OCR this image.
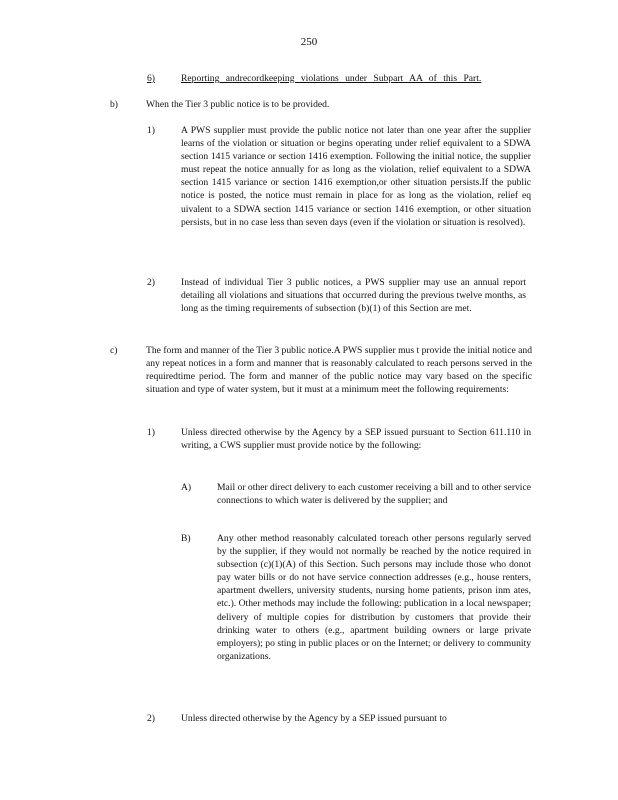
250
6)	Reporting andrecordkeeping violations under Subpart AA of this Part.
b)	When the Tier 3 public notice is to be provided.
1)	A PWS supplier must provide the public notice not later than one year after the supplier learns of the violation or situation or begins operating under relief equivalent to a SDWA section 1415 variance or section 1416 exemption. Following the initial notice, the supplier must repeat the notice annually for as long as the violation, relief equivalent to a SDWA section 1415 variance or section 1416 exemption,or other situation persists.If the public notice is posted, the notice must remain in place for as long as the violation, relief eq uivalent to a SDWA section 1415 variance or section 1416 exemption, or other situation persists, but in no case less than seven days (even if the violation or situation is resolved).
2)	Instead of individual Tier 3 public notices, a PWS supplier may use an annual report detailing all violations and situations that occurred during the previous twelve months, as long as the timing requirements of subsection (b)(1) of this Section are met.
c)	The form and manner of the Tier 3 public notice.A PWS supplier mus t provide the initial notice and any repeat notices in a form and manner that is reasonably calculated to reach persons served in the requiredtime period. The form and manner of the public notice may vary based on the specific situation and type of water system, but it must at a minimum meet the following requirements:
1)	Unless directed otherwise by the Agency by a SEP issued pursuant to Section 611.110 in writing, a CWS supplier must provide notice by the following:
A)	Mail or other direct delivery to each customer receiving a bill and to other service connections to which water is delivered by the supplier; and
B)	Any other method reasonably calculated toreach other persons regularly served by the supplier, if they would not normally be reached by the notice required in subsection (c)(1)(A) of this Section. Such persons may include those who donot pay water bills or do not have service connection addresses (e.g., house renters, apartment dwellers, university students, nursing home patients, prison inm ates, etc.). Other methods may include the following: publication in a local newspaper; delivery of multiple copies for distribution by customers that provide their drinking water to others (e.g., apartment building owners or large private employers); po sting in public places or on the Internet; or delivery to community organizations.
2)	Unless directed otherwise by the Agency by a SEP issued pursuant to
